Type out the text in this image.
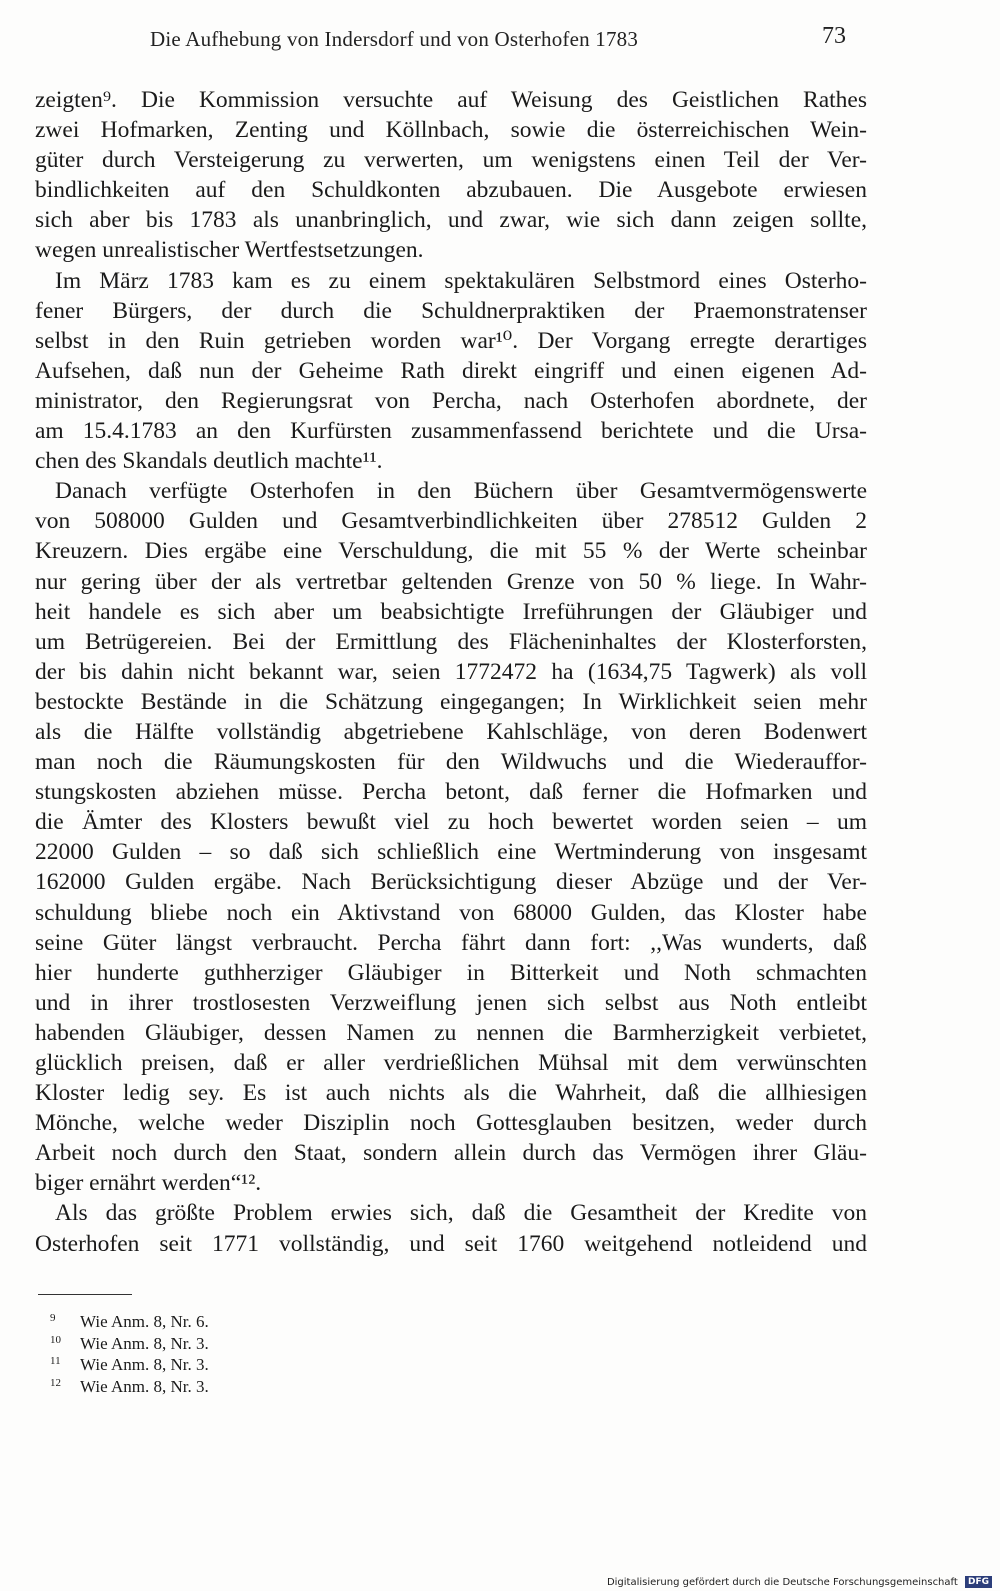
Die Aufhebung von Indersdorf und von Osterhofen 1783	73
zeigten⁹. Die Kommission versuchte auf Weisung des Geistlichen Rathes
zwei Hofmarken, Zenting und Köllnbach, sowie die österreichischen Wein-
güter durch Versteigerung zu verwerten, um wenigstens einen Teil der Ver-
bindlichkeiten auf den Schuldkonten abzubauen. Die Ausgebote erwiesen
sich aber bis 1783 als unanbringlich, und zwar, wie sich dann zeigen sollte,
wegen unrealistischer Wertfestsetzungen.
Im März 1783 kam es zu einem spektakulären Selbstmord eines Osterho-
fener Bürgers, der durch die Schuldnerpraktiken der Praemonstratenser
selbst in den Ruin getrieben worden war¹⁰. Der Vorgang erregte derartiges
Aufsehen, daß nun der Geheime Rath direkt eingriff und einen eigenen Ad-
ministrator, den Regierungsrat von Percha, nach Osterhofen abordnete, der
am 15.4.1783 an den Kurfürsten zusammenfassend berichtete und die Ursa-
chen des Skandals deutlich machte¹¹.
Danach verfügte Osterhofen in den Büchern über Gesamtvermögenswerte
von 508000 Gulden und Gesamtverbindlichkeiten über 278512 Gulden 2
Kreuzern. Dies ergäbe eine Verschuldung, die mit 55 % der Werte scheinbar
nur gering über der als vertretbar geltenden Grenze von 50 % liege. In Wahr-
heit handele es sich aber um beabsichtigte Irreführungen der Gläubiger und
um Betrügereien. Bei der Ermittlung des Flächeninhaltes der Klosterforsten,
der bis dahin nicht bekannt war, seien 1772472 ha (1634,75 Tagwerk) als voll
bestockte Bestände in die Schätzung eingegangen; In Wirklichkeit seien mehr
als die Hälfte vollständig abgetriebene Kahlschläge, von deren Bodenwert
man noch die Räumungskosten für den Wildwuchs und die Wiederauffor-
stungskosten abziehen müsse. Percha betont, daß ferner die Hofmarken und
die Ämter des Klosters bewußt viel zu hoch bewertet worden seien – um
22000 Gulden – so daß sich schließlich eine Wertminderung von insgesamt
162000 Gulden ergäbe. Nach Berücksichtigung dieser Abzüge und der Ver-
schuldung bliebe noch ein Aktivstand von 68000 Gulden, das Kloster habe
seine Güter längst verbraucht. Percha fährt dann fort: ,,Was wunderts, daß
hier hunderte guthherziger Gläubiger in Bitterkeit und Noth schmachten
und in ihrer trostlosesten Verzweiflung jenen sich selbst aus Noth entleibt
habenden Gläubiger, dessen Namen zu nennen die Barmherzigkeit verbietet,
glücklich preisen, daß er aller verdrießlichen Mühsal mit dem verwünschten
Kloster ledig sey. Es ist auch nichts als die Wahrheit, daß die allhiesigen
Mönche, welche weder Disziplin noch Gottesglauben besitzen, weder durch
Arbeit noch durch den Staat, sondern allein durch das Vermögen ihrer Gläu-
biger ernährt werden“¹².
Als das größte Problem erwies sich, daß die Gesamtheit der Kredite von
Osterhofen seit 1771 vollständig, und seit 1760 weitgehend notleidend und
9 Wie Anm. 8, Nr. 6.
10 Wie Anm. 8, Nr. 3.
11 Wie Anm. 8, Nr. 3.
12 Wie Anm. 8, Nr. 3.
Digitalisierung gefördert durch die Deutsche Forschungsgemeinschaft DFG
